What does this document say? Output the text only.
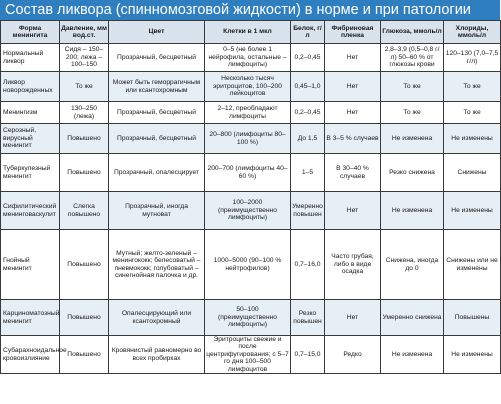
Состав ликвора (спинномозговой жидкости) в норме и при патологии
Форма менингита	Давление, мм вод.ст.	Цвет	Клетки в 1 мкл	Белок, г/л	Фибриновая пленка	Глюкоза, ммоль/л	Хлориды, ммоль/л
Нормальный ликвор	Сидя – 150–200; лежа – 100–150	Прозрачный, бесцветный	0–5 (не более 1 нейрофила, остальные – лимфоциты)	0,2–0,45	Нет	2,8–3,9 (0,5–0,8 г/л) 50–60 % от глюкозы крови	120–130 (7,0–7,5 г/л)
Ликвор новорожденных	То же	Может быть геморрагичным или ксантохромным	Несколько тысяч эритроцитов, 100–200 лейкоцитов	0,45–1,0	Нет	То же	То же
Менингизм	130–250 (лежа)	Прозрачный, бесцветный	2–12, преобладают лимфоциты	0,2–0,45	Нет	То же	То же
Серозный, вирусный менингит	Повышено	Прозрачный, бесцветный	20–800 (лимфоциты 80–100 %)	До 1,5	В 3–5 % случаев	Не изменена	Не изменены
Туберкулезный менингит	Повышено	Прозрачный, опалесцирует	200–700 (лимфоциты 40–60 %)	1–5	В 30–40 % случаев	Резко снижена	Снижены
Сифилитический менинговаскулит	Слегка повышено	Прозрачный, иногда мутноват	100–2000 (преимущественно лимфоциты)	Умеренно повышен	Нет	Не изменена	Не изменены
Гнойный менингит	Повышено	Мутный; желто-зеленый – менингококк; белесоватый – пневмококк; голубоватый – синегнойная палочка и др.	1000–5000 (90–100 % нейтрофилов)	0,7–16,0	Часто грубая, либо в виде осадка	Снижена, иногда до 0	Снижены или не изменены
Карциноматозный менингит	Повышено	Опалесцирующий или ксантохромный	50–100 (преимущественно лимфоциты)	Резко повышен	Нет	Умеренно снижена	Повышены
Субарахноидальное кровоизлияние	Повышено	Кровянистый равномерно во всех пробирках	Эритроциты свежие и после центрифугирования; с 5–7 го дня 100–500 лимфоцитов	0,7–15,0	Редко	Не изменена	Не изменены
